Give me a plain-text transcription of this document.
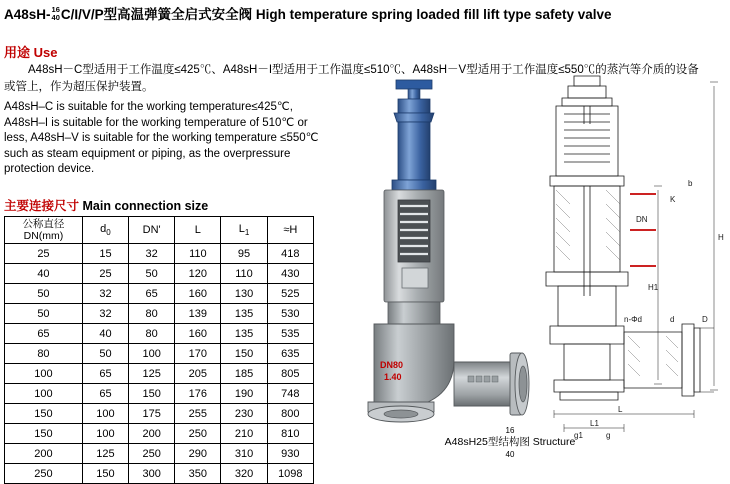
A48sH- 16
40 C/I/V/P型高温弹簧全启式安全阀 High temperature spring loaded fill lift type safety valve
用途 Use
A48sH－C型适用于工作温度≤425℃、A48sH－I型适用于工作温度≤510℃、A48sH－V型适用于工作温度≤550℃的蒸汽等介质的设备或管上，作为超压保护装置。
A48sH–C is suitable for the working temperature≤425℃, A48sH–I is suitable for the working temperature of 510℃ or less, A48sH–V is suitable for the working temperature ≤550℃ such as steam equipment or piping, as the overpressure protection device.
主要连接尺寸 Main connection size
公称直径
DN(mm)	$d_0$	DN'	L	$L_1$	≈H
25	15	32	110	95	418
40	25	50	120	110	430
50	32	65	160	130	525
50	32	80	139	135	530
65	40	80	160	135	535
80	50	100	170	150	635
100	65	125	205	185	805
100	65	150	176	190	748
150	100	175	255	230	800
150	100	200	250	210	810
200	125	250	290	310	930
250	150	300	350	320	1098
DN80
1.40
H
H1
L
L1
D
d
n-Φd
g
g1
b
K
DN
16
A48sH25型结构图 Structure
40
